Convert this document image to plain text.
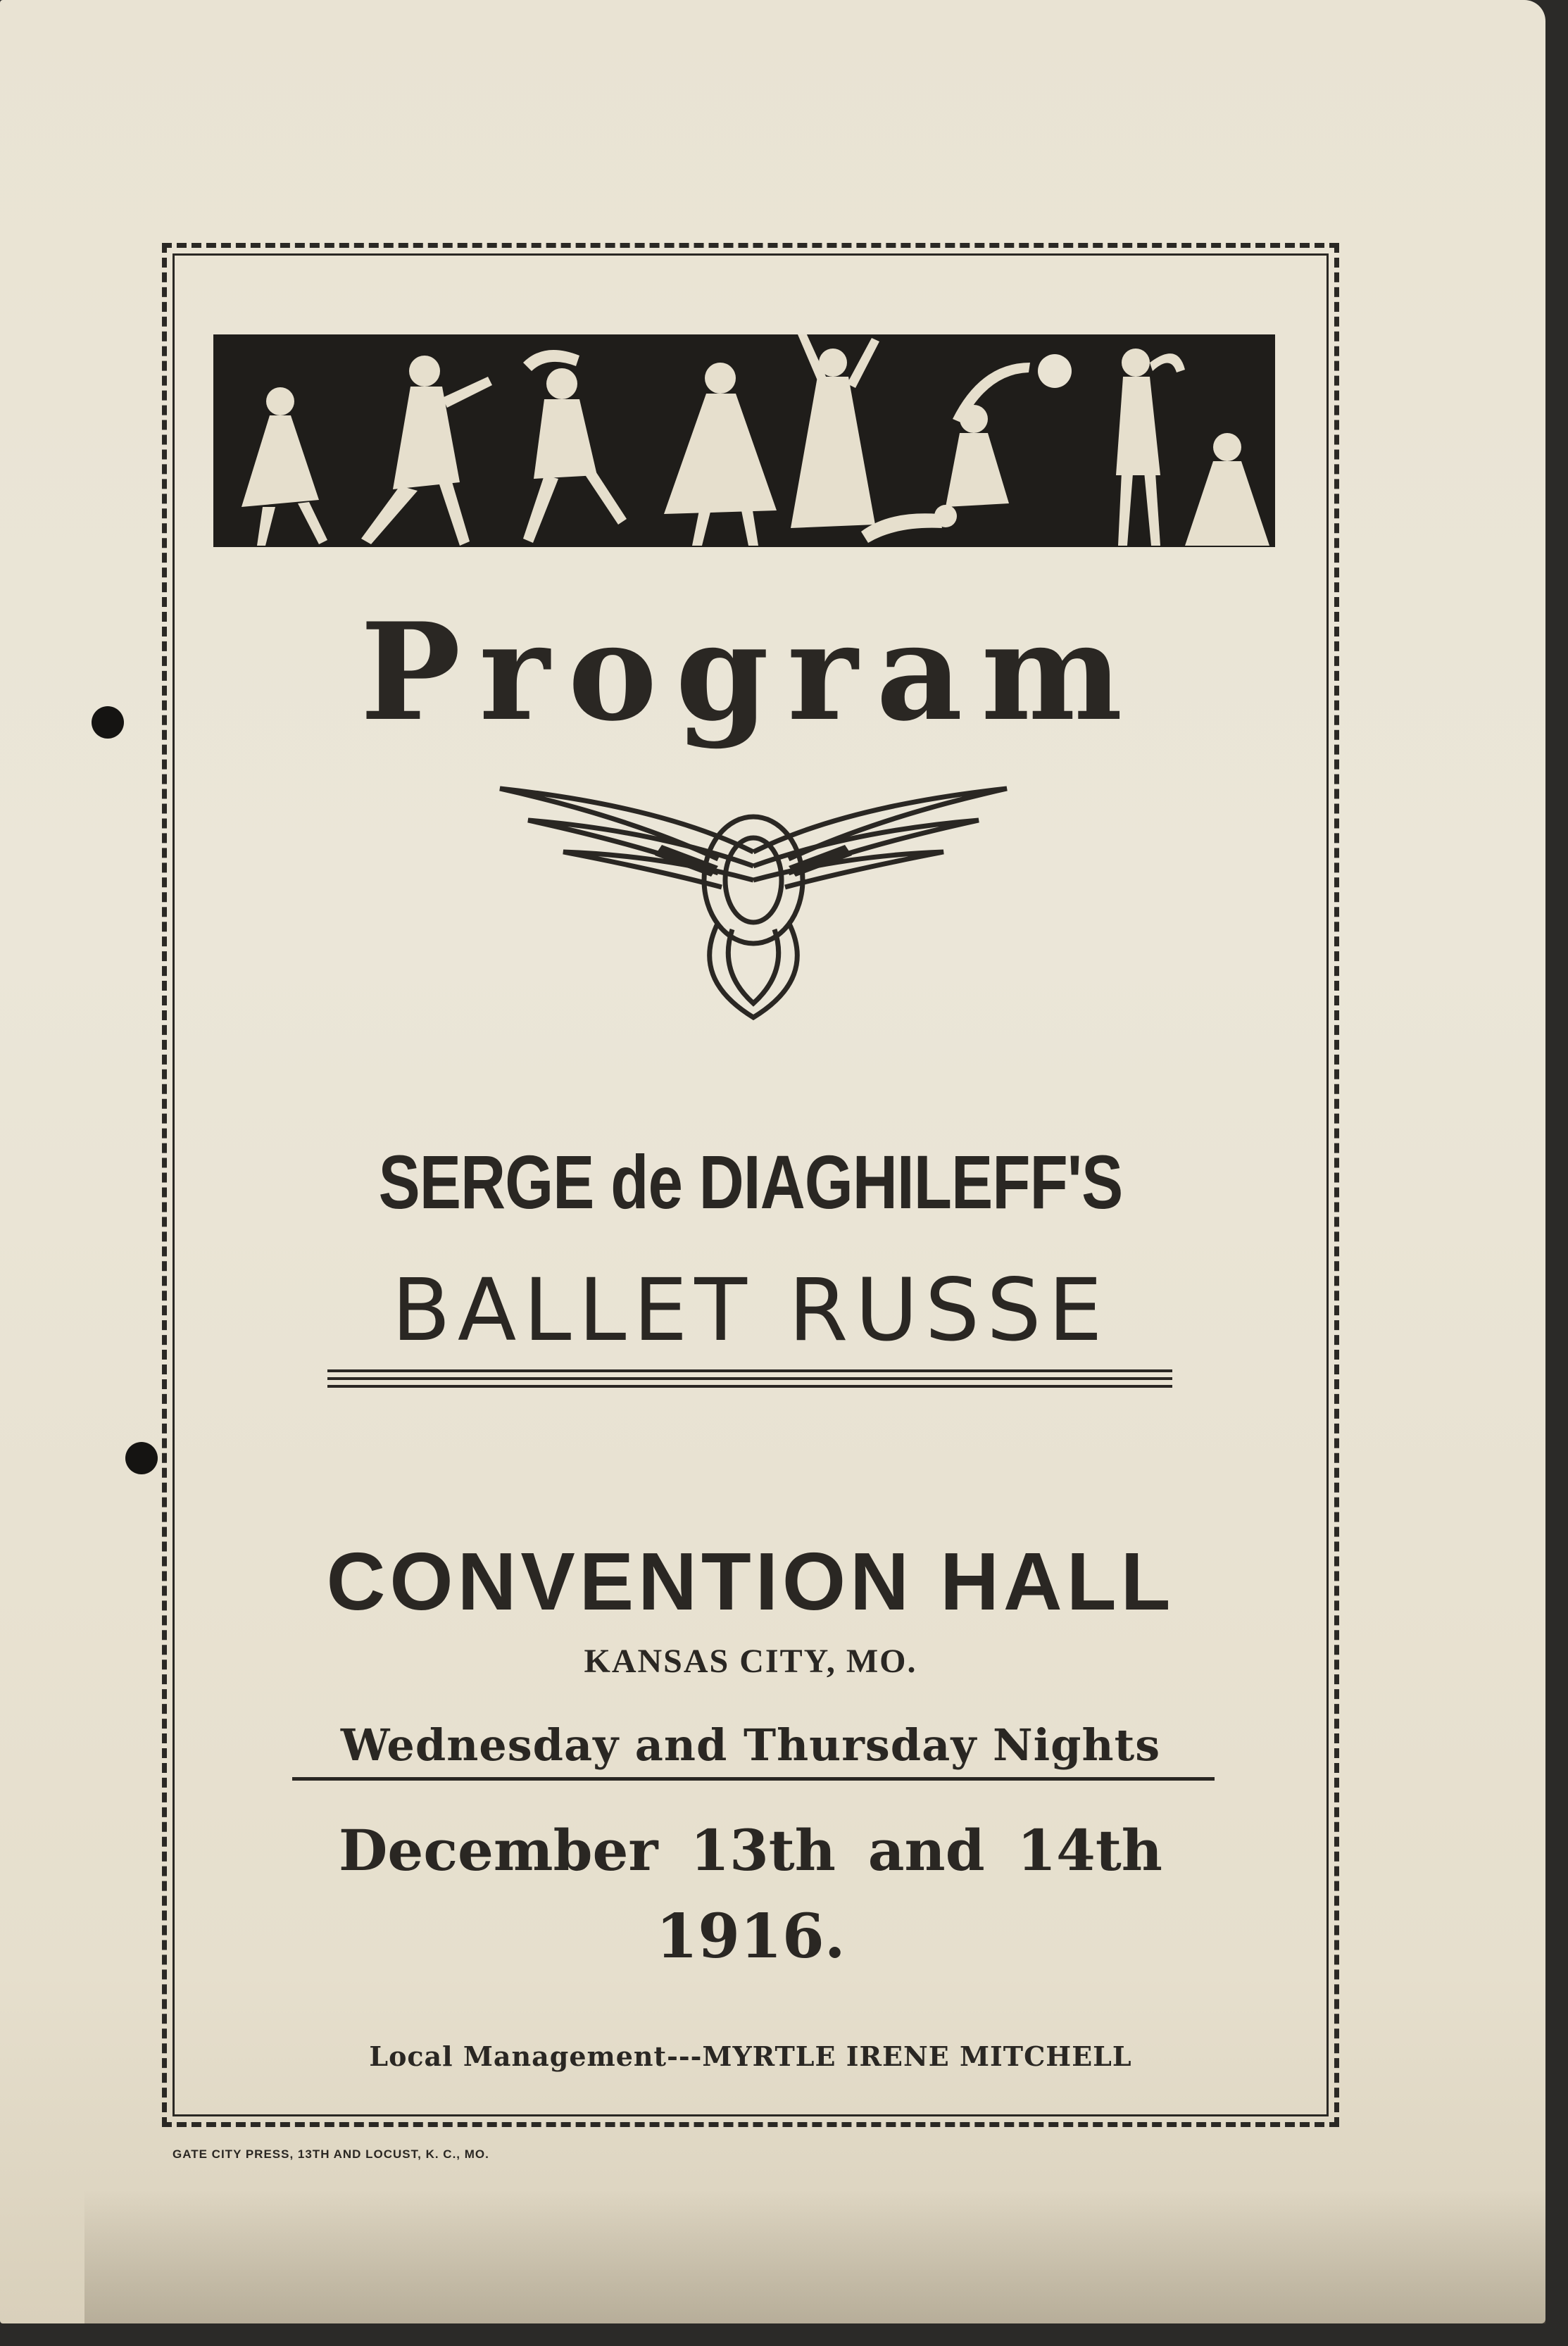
Program
SERGE de DIAGHILEFF'S
BALLET RUSSE
CONVENTION HALL
KANSAS CITY, MO.
Wednesday and Thursday Nights
December 13th and 14th
1916.
Local Management---MYRTLE IRENE MITCHELL
GATE CITY PRESS, 13TH AND LOCUST, K. C., MO.
